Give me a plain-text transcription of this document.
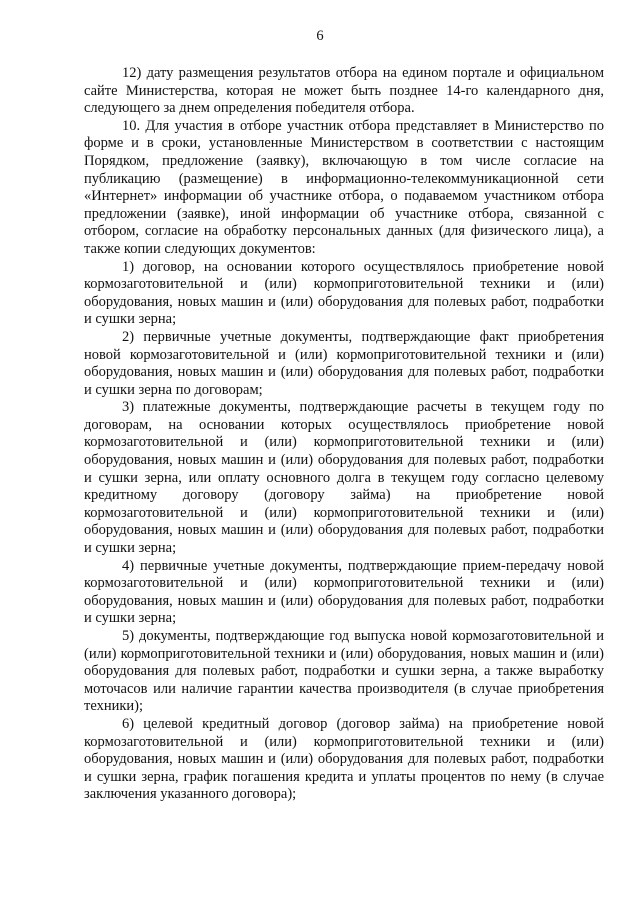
6

12) дату размещения результатов отбора на едином портале и официальном сайте Министерства, которая не может быть позднее 14-го календарного дня, следующего за днем определения победителя отбора.

10. Для участия в отборе участник отбора представляет в Министерство по форме и в сроки, установленные Министерством в соответствии с настоящим Порядком, предложение (заявку), включающую в том числе согласие на публикацию (размещение) в информационно-телекоммуникационной сети «Интернет» информации об участнике отбора, о подаваемом участником отбора предложении (заявке), иной информации об участнике отбора, связанной с отбором, согласие на обработку персональных данных (для физического лица), а также копии следующих документов:

1) договор, на основании которого осуществлялось приобретение новой кормозаготовительной и (или) кормоприготовительной техники и (или) оборудования, новых машин и (или) оборудования для полевых работ, подработки и сушки зерна;

2) первичные учетные документы, подтверждающие факт приобретения новой кормозаготовительной и (или) кормоприготовительной техники и (или) оборудования, новых машин и (или) оборудования для полевых работ, подработки и сушки зерна по договорам;

3) платежные документы, подтверждающие расчеты в текущем году по договорам, на основании которых осуществлялось приобретение новой кормозаготовительной и (или) кормоприготовительной техники и (или) оборудования, новых машин и (или) оборудования для полевых работ, подработки и сушки зерна, или оплату основного долга в текущем году согласно целевому кредитному договору (договору займа) на приобретение новой кормозаготовительной и (или) кормоприготовительной техники и (или) оборудования, новых машин и (или) оборудования для полевых работ, подработки и сушки зерна;

4) первичные учетные документы, подтверждающие прием-передачу новой кормозаготовительной и (или) кормоприготовительной техники и (или) оборудования, новых машин и (или) оборудования для полевых работ, подработки и сушки зерна;

5) документы, подтверждающие год выпуска новой кормозаготовительной и (или) кормоприготовительной техники и (или) оборудования, новых машин и (или) оборудования для полевых работ, подработки и сушки зерна, а также выработку моточасов или наличие гарантии качества производителя (в случае приобретения техники);

6) целевой кредитный договор (договор займа) на приобретение новой кормозаготовительной и (или) кормоприготовительной техники и (или) оборудования, новых машин и (или) оборудования для полевых работ, подработки и сушки зерна, график погашения кредита и уплаты процентов по нему (в случае заключения указанного договора);
